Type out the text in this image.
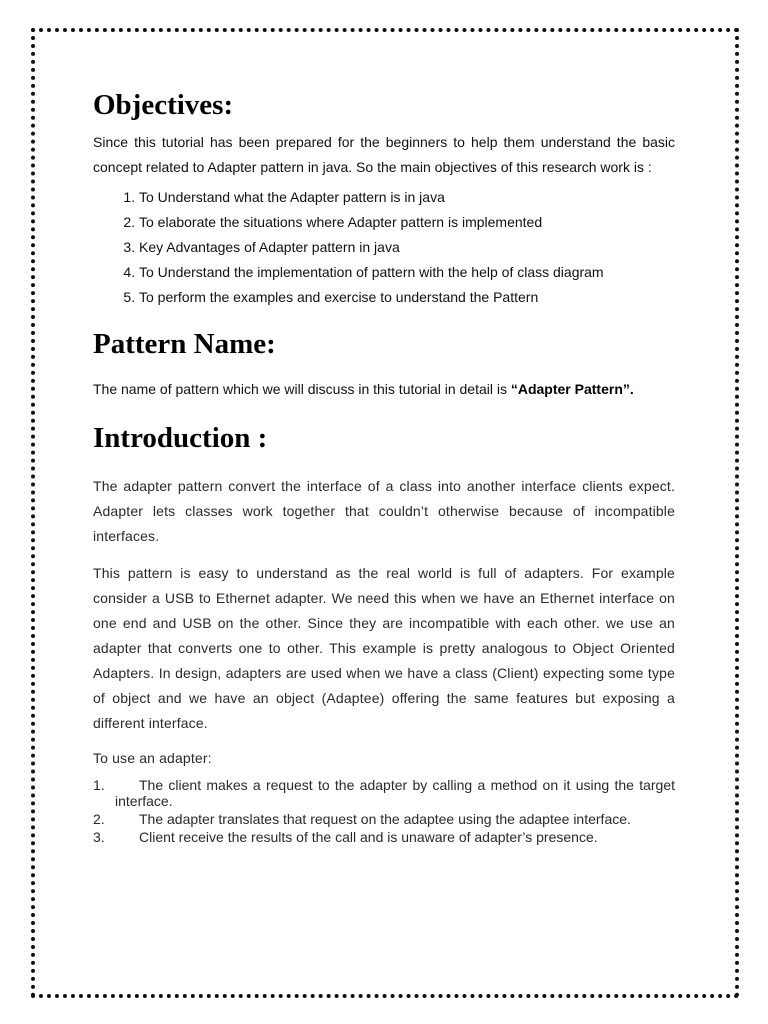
Objectives:

Since this tutorial has been prepared for the beginners to help them understand the basic concept related to Adapter pattern in java. So the main objectives of this research work is :

1. To Understand what the Adapter pattern is in java
2. To elaborate the situations where Adapter pattern is implemented
3. Key Advantages of Adapter pattern in java
4. To Understand the implementation of pattern with the help of class diagram
5. To perform the examples and exercise to understand the Pattern
Pattern Name:

The name of pattern which we will discuss in this tutorial in detail is “Adapter Pattern”.

Introduction :

The adapter pattern convert the interface of a class into another interface clients expect. Adapter lets classes work together that couldn’t otherwise because of incompatible interfaces.

This pattern is easy to understand as the real world is full of adapters. For example consider a USB to Ethernet adapter. We need this when we have an Ethernet interface on one end and USB on the other. Since they are incompatible with each other. we use an adapter that converts one to other. This example is pretty analogous to Object Oriented Adapters. In design, adapters are used when we have a class (Client) expecting some type of object and we have an object (Adaptee) offering the same features but exposing a different interface.

To use an adapter:

1. The client makes a request to the adapter by calling a method on it using the target interface.
2. The adapter translates that request on the adaptee using the adaptee interface.
3. Client receive the results of the call and is unaware of adapter’s presence.
